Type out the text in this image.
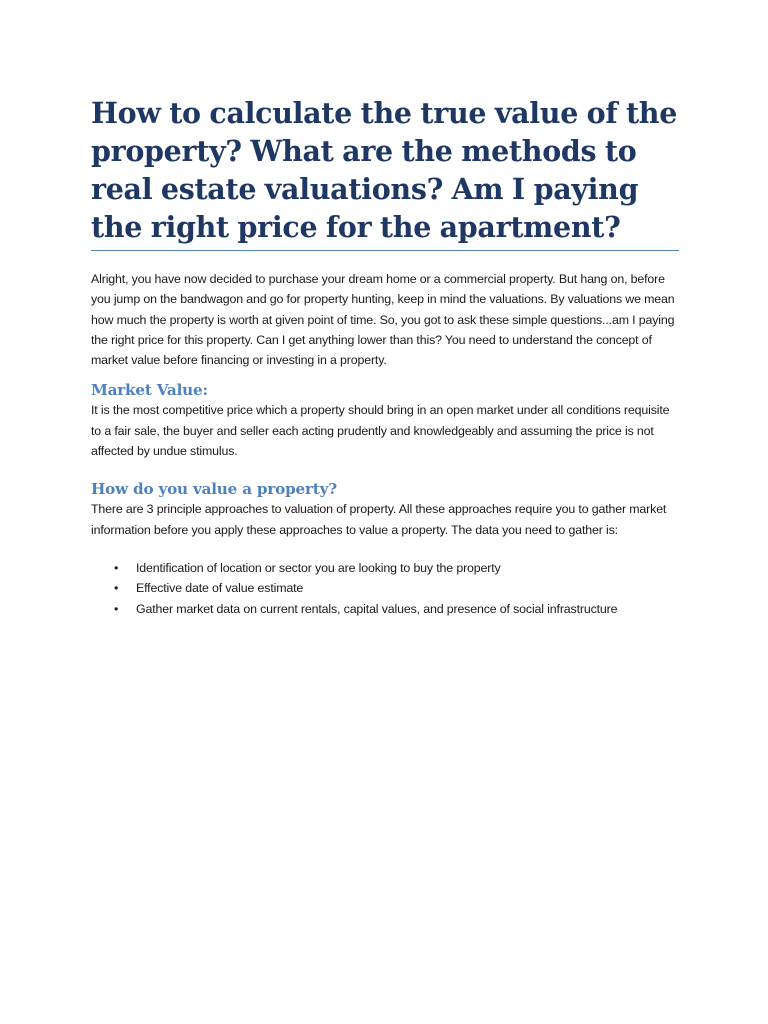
How to calculate the true value of the property? What are the methods to real estate valuations? Am I paying the right price for the apartment?

Alright, you have now decided to purchase your dream home or a commercial property. But hang on, before you jump on the bandwagon and go for property hunting, keep in mind the valuations. By valuations we mean how much the property is worth at given point of time. So, you got to ask these simple questions...am I paying the right price for this property. Can I get anything lower than this? You need to understand the concept of market value before financing or investing in a property.

Market Value:

It is the most competitive price which a property should bring in an open market under all conditions requisite to a fair sale, the buyer and seller each acting prudently and knowledgeably and assuming the price is not affected by undue stimulus.

How do you value a property?

There are 3 principle approaches to valuation of property. All these approaches require you to gather market information before you apply these approaches to value a property. The data you need to gather is:

•	Identification of location or sector you are looking to buy the property
•	Effective date of value estimate
•	Gather market data on current rentals, capital values, and presence of social infrastructure
